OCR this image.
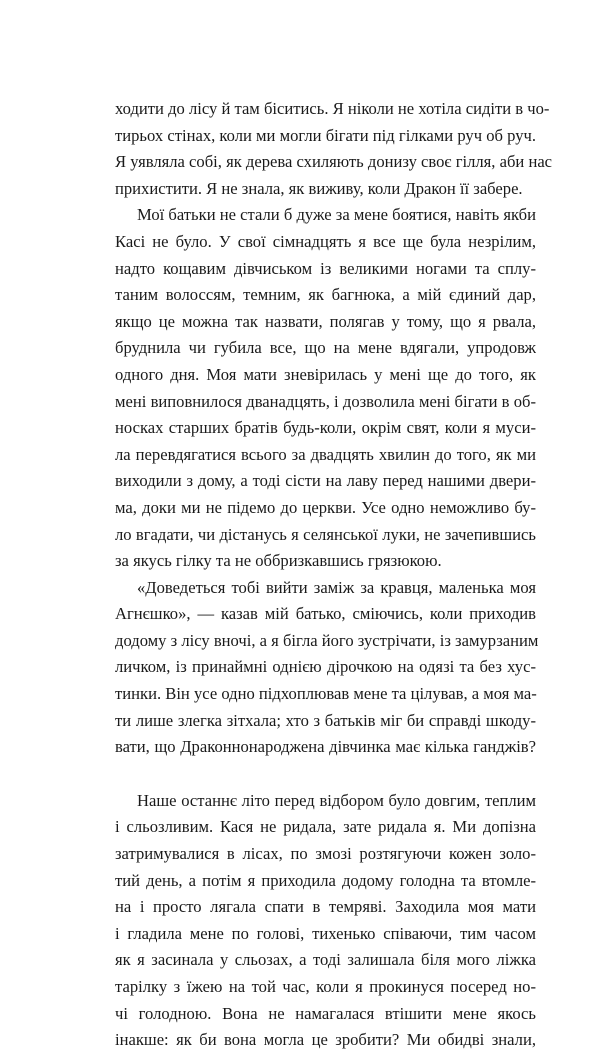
ходити до лісу й там біситись. Я ніколи не хотіла сидіти в чо-
тирьох стінах, коли ми могли бігати під гілками руч об руч.
Я уявляла собі, як дерева схиляють донизу своє гілля, аби нас
прихистити. Я не знала, як виживу, коли Дракон її забере.
Мої батьки не стали б дуже за мене боятися, навіть якби
Касі не було. У свої сімнадцять я все ще була незрілим,
надто кощавим дівчиськом із великими ногами та сплу-
таним волоссям, темним, як багнюка, а мій єдиний дар,
якщо це можна так назвати, полягав у тому, що я рвала,
бруднила чи губила все, що на мене вдягали, упродовж
одного дня. Моя мати зневірилась у мені ще до того, як
мені виповнилося дванадцять, і дозволила мені бігати в об-
носках старших братів будь-коли, окрім свят, коли я муси-
ла перевдягатися всього за двадцять хвилин до того, як ми
виходили з дому, а тоді сісти на лаву перед нашими двери-
ма, доки ми не підемо до церкви. Усе одно неможливо бу-
ло вгадати, чи дістанусь я селянської луки, не зачепившись
за якусь гілку та не оббризкавшись грязюкою.
«Доведеться тобі вийти заміж за кравця, маленька моя
Агнєшко», — казав мій батько, сміючись, коли приходив
додому з лісу вночі, а я бігла його зустрічати, із замурзаним
личком, із принаймні однією дірочкою на одязі та без хус-
тинки. Він усе одно підхоплював мене та цілував, а моя ма-
ти лише злегка зітхала; хто з батьків міг би справді шкоду-
вати, що Драконнонароджена дівчинка має кілька ганджів?
Наше останнє літо перед відбором було довгим, теплим
і сльозливим. Кася не ридала, зате ридала я. Ми допізна
затримувалися в лісах, по змозі розтягуючи кожен золо-
тий день, а потім я приходила додому голодна та втомле-
на і просто лягала спати в темряві. Заходила моя мати
і гладила мене по голові, тихенько співаючи, тим часом
як я засинала у сльозах, а тоді залишала біля мого ліжка
тарілку з їжею на той час, коли я прокинуся посеред но-
чі голодною. Вона не намагалася втішити мене якось
інакше: як би вона могла це зробити? Ми обидві знали,
